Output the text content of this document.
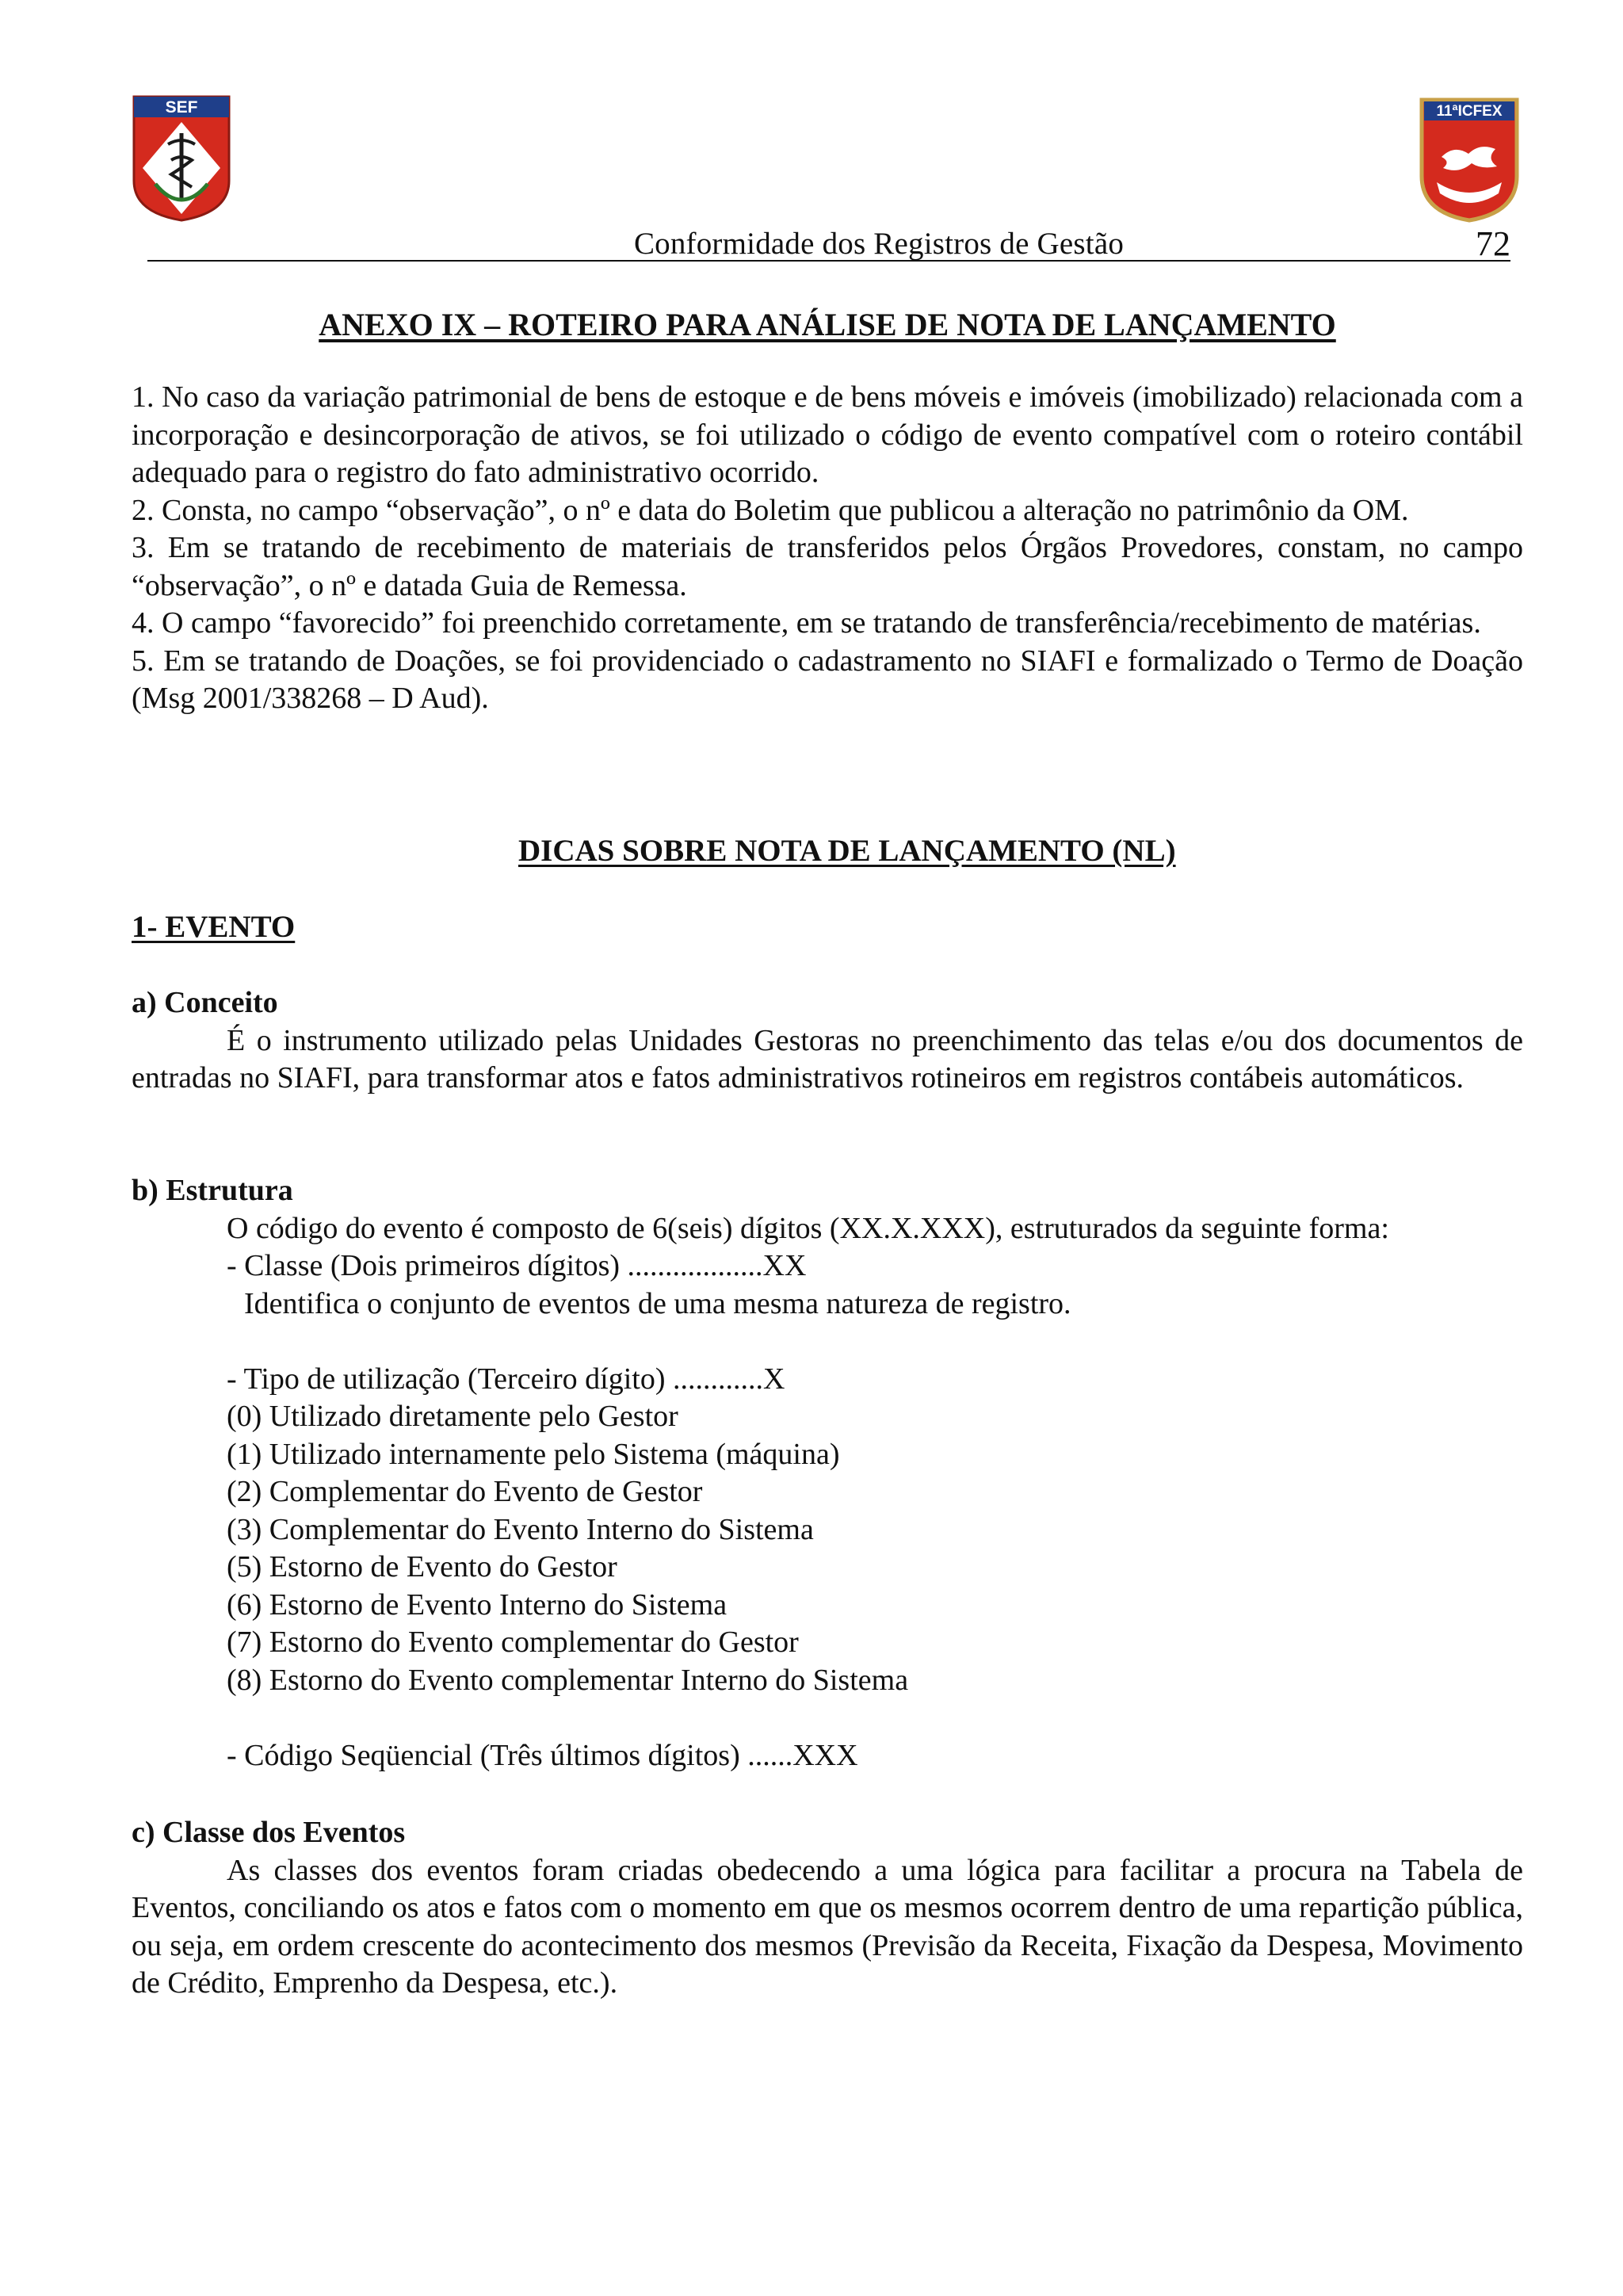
SEF	11ªICFEX
Conformidade dos Registros de Gestão	72
ANEXO IX – ROTEIRO PARA ANÁLISE DE NOTA DE LANÇAMENTO

1. No caso da variação patrimonial de bens de estoque e de bens móveis e imóveis (imobilizado) relacionada com a incorporação e desincorporação de ativos, se foi utilizado o código de evento compatível com o roteiro contábil adequado para o registro do fato administrativo ocorrido.

2. Consta, no campo “observação”, o nº e data do Boletim que publicou a alteração no patrimônio da OM.

3. Em se tratando de recebimento de materiais de transferidos pelos Órgãos Provedores, constam, no campo “observação”, o nº e datada Guia de Remessa.

4. O campo “favorecido” foi preenchido corretamente, em se tratando de transferência/recebimento de matérias.

5. Em se tratando de Doações, se foi providenciado o cadastramento no SIAFI e formalizado o Termo de Doação (Msg 2001/338268 – D Aud).

DICAS SOBRE NOTA DE LANÇAMENTO (NL)
1- EVENTO
a) Conceito

É o instrumento utilizado pelas Unidades Gestoras no preenchimento das telas e/ou dos documentos de entradas no SIAFI, para transformar atos e fatos administrativos rotineiros em registros contábeis automáticos.

b) Estrutura
O código do evento é composto de 6(seis) dígitos (XX.X.XXX), estruturados da seguinte forma:
- Classe (Dois primeiros dígitos) ..................XX
Identifica o conjunto de eventos de uma mesma natureza de registro.
- Tipo de utilização (Terceiro dígito) ............X
(0) Utilizado diretamente pelo Gestor
(1) Utilizado internamente pelo Sistema (máquina)
(2) Complementar do Evento de Gestor
(3) Complementar do Evento Interno do Sistema
(5) Estorno de Evento do Gestor
(6) Estorno de Evento Interno do Sistema
(7) Estorno do Evento complementar do Gestor
(8) Estorno do Evento complementar Interno do Sistema
- Código Seqüencial (Três últimos dígitos) ......XXX
c) Classe dos Eventos

As classes dos eventos foram criadas obedecendo a uma lógica para facilitar a procura na Tabela de Eventos, conciliando os atos e fatos com o momento em que os mesmos ocorrem dentro de uma repartição pública, ou seja, em ordem crescente do acontecimento dos mesmos (Previsão da Receita, Fixação da Despesa, Movimento de Crédito, Emprenho da Despesa, etc.).
